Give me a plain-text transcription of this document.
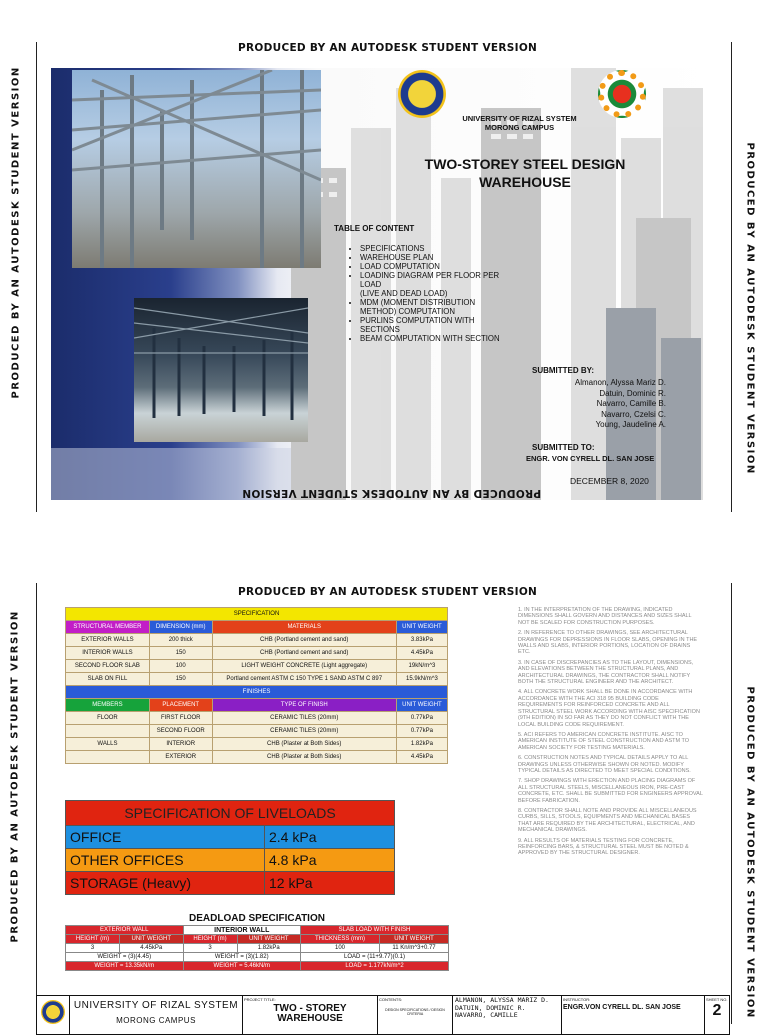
PRODUCED BY AN AUTODESK STUDENT VERSION
PRODUCED BY AN AUTODESK STUDENT VERSION	PRODUCED BY AN AUTODESK STUDENT VERSION
UNIVERSITY OF RIZAL SYSTEM
MORONG CAMPUS
TWO-STOREY STEEL DESIGN
WAREHOUSE
TABLE OF CONTENT
• SPECIFICATIONS
• WAREHOUSE PLAN
• LOAD COMPUTATION
• LOADING DIAGRAM PER FLOOR PER LOAD
(LIVE AND DEAD LOAD)
• MDM (MOMENT DISTRIBUTION METHOD) COMPUTATION
• PURLINS COMPUTATION WITH SECTIONS
• BEAM COMPUTATION WITH SECTION
SUBMITTED BY:
Almanon, Alyssa Mariz D.
Datuin, Dominic R.
Navarro, Camille B.
Navarro, Czelsi C.
Young, Jaudeline A.
SUBMITTED TO:
ENGR. VON CYRELL DL. SAN JOSE
DECEMBER 8, 2020
PRODUCED BY AN AUTODESK STUDENT VERSION
PRODUCED BY AN AUTODESK STUDENT VERSION
PRODUCED BY AN AUTODESK STUDENT VERSION	PRODUCED BY AN AUTODESK STUDENT VERSION
SPECIFICATION			
STRUCTURAL MEMBER	DIMENSION (mm)	MATERIALS	UNIT WEIGHT
EXTERIOR WALLS	200 thick	CHB (Portland cement and sand)	3.83kPa
INTERIOR WALLS	150	CHB (Portland cement and sand)	4.45kPa
SECOND FLOOR SLAB	100	LIGHT WEIGHT CONCRETE (Light aggregate)	19kN/m^3
SLAB ON FILL	150	Portland cement ASTM C 150 TYPE 1 SAND ASTM C 897	15.9kN/m^3
FINISHES			
MEMBERS	PLACEMENT	TYPE OF FINISH	UNIT WEIGHT
FLOOR	FIRST FLOOR	CERAMIC TILES (20mm)	0.77kPa
	SECOND FLOOR	CERAMIC TILES (20mm)	0.77kPa
WALLS	INTERIOR	CHB (Plaster at Both Sides)	1.82kPa
	EXTERIOR	CHB (Plaster at Both Sides)	4.45kPa
SPECIFICATION OF LIVELOADS	
OFFICE	2.4 kPa
OTHER OFFICES	4.8 kPa
STORAGE (Heavy)	12 kPa
DEADLOAD SPECIFICATION					
EXTERIOR WALL		INTERIOR WALL		SLAB LOAD WITH FINISH	
HEIGHT (m)	UNIT WEIGHT	HEIGHT (m)	UNIT WEIGHT	THICKNESS (mm)	UNIT WEIGHT
3	4.45kPa	3	1.82kPa	100	11 Kn/m^3+0.77
WEIGHT = (3)(4.45)		WEIGHT = (3)(1.82)		LOAD = (11+9.77)(0.1)	
WEIGHT = 13.35kN/m		WEIGHT = 5.46kN/m		LOAD = 1.177kN/m^2	

1. IN THE INTERPRETATION OF THE DRAWING, INDICATED DIMENSIONS SHALL GOVERN AND DISTANCES AND SIZES SHALL NOT BE SCALED FOR CONSTRUCTION PURPOSES.

2. IN REFERENCE TO OTHER DRAWINGS, SEE ARCHITECTURAL DRAWINGS FOR DEPRESSIONS IN FLOOR SLABS, OPENING IN THE WALLS AND SLABS, INTERIOR PORTIONS, LOCATION OF DRAINS ETC.

3. IN CASE OF DISCREPANCIES AS TO THE LAYOUT, DIMENSIONS, AND ELEVATIONS BETWEEN THE STRUCTURAL PLANS, AND ARCHITECTURAL DRAWINGS, THE CONTRACTOR SHALL NOTIFY BOTH THE STRUCTURAL ENGINEER AND THE ARCHITECT.

4. ALL CONCRETE WORK SHALL BE DONE IN ACCORDANCE WITH ACCORDANCE WITH THE ACI 318 95 BUILDING CODE REQUIREMENTS FOR REINFORCED CONCRETE AND ALL STRUCTURAL STEEL WORK ACCORDING WITH AISC SPECIFICATION (9TH EDITION) IN SO FAR AS THEY DO NOT CONFLICT WITH THE LOCAL BUILDING CODE REQUIREMENT.

5. ACI REFERS TO AMERICAN CONCRETE INSTITUTE. AISC TO AMERICAN INSTITUTE OF STEEL CONSTRUCTION AND ASTM TO AMERICAN SOCIETY FOR TESTING MATERIALS.

6. CONSTRUCTION NOTES AND TYPICAL DETAILS APPLY TO ALL DRAWINGS UNLESS OTHERWISE SHOWN OR NOTED. MODIFY TYPICAL DETAILS AS DIRECTED TO MEET SPECIAL CONDITIONS.

7. SHOP DRAWINGS WITH ERECTION AND PLACING DIAGRAMS OF ALL STRUCTURAL STEELS, MISCELLANEOUS IRON, PRE-CAST CONCRETE, ETC. SHALL BE SUBMITTED FOR ENGINEERS APPROVAL BEFORE FABRICATION.

8. CONTRACTOR SHALL NOTE AND PROVIDE ALL MISCELLANEOUS CURBS, SILLS, STOOLS, EQUIPMENTS AND MECHANICAL BASES THAT ARE REQUIRED BY THE ARCHITECTURAL, ELECTRICAL, AND MECHANICAL DRAWINGS.

9. ALL RESULTS OF MATERIALS TESTING FOR CONCRETE, REINFORCING BARS, & STRUCTURAL STEEL MUST BE NOTED & APPROVED BY THE STRUCTURAL DESIGNER.

UNIVERSITY OF RIZAL SYSTEM
MORONG CAMPUS

PROJECT TITLE:
TWO - STOREY WAREHOUSE

CONTENTS:
DESIGN SPECIFICATIONS / DESIGN CRITERIA

ALMANON, ALYSSA MARIZ D. DATUIN, DOMINIC R. NAVARRO, CAMILLE

INSTRUCTOR:
ENGR.VON CYRELL DL. SAN JOSE

SHEET NO.
2
